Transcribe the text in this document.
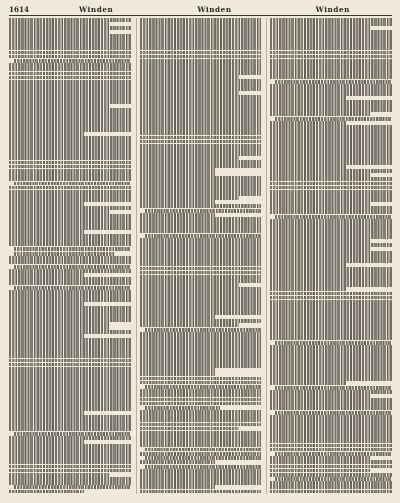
1614	Winden	Winden	Winden
